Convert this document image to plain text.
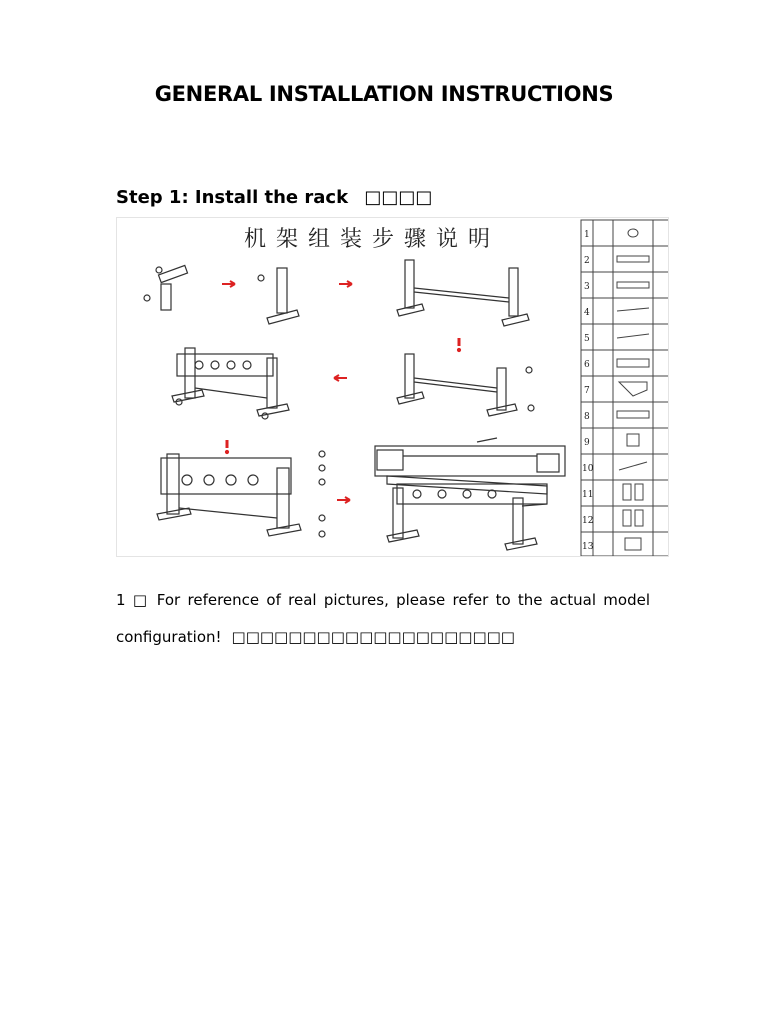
GENERAL INSTALLATION INSTRUCTIONS
Step 1: Install the rack □□□□
机架组装步骤说明	1
2
3
4
5
6
7
8
9
10
11
12
13
1 □ For reference of real pictures, please refer to the actual model
configuration! □□□□□□□□□□□□□□□□□□□□
